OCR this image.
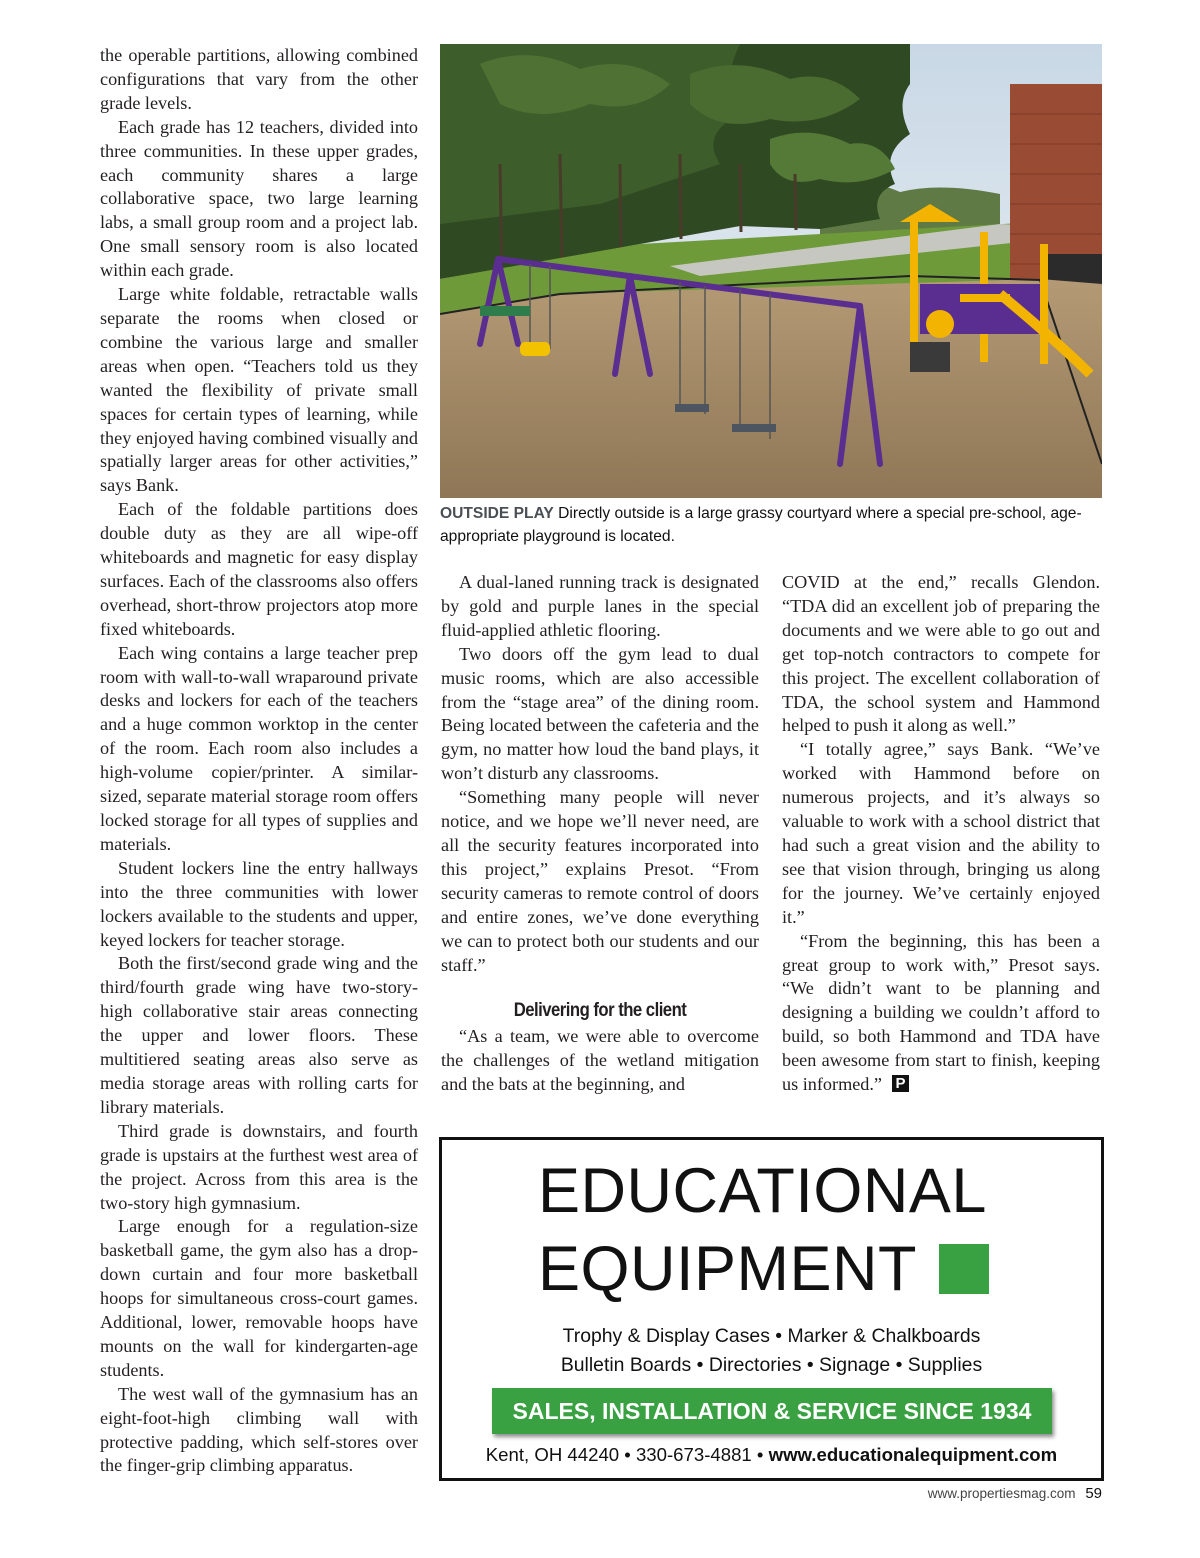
the operable partitions, allowing combined configurations that vary from the other grade levels.

Each grade has 12 teachers, divided into three communities. In these upper grades, each community shares a large collaborative space, two large learning labs, a small group room and a project lab. One small sensory room is also located within each grade.

Large white foldable, retractable walls separate the rooms when closed or combine the various large and smaller areas when open. “Teachers told us they wanted the flexibility of private small spaces for certain types of learning, while they enjoyed having combined visually and spatially larger areas for other activities,” says Bank.

Each of the foldable partitions does double duty as they are all wipe-off whiteboards and magnetic for easy display surfaces. Each of the classrooms also offers overhead, short-throw projectors atop more fixed whiteboards.

Each wing contains a large teacher prep room with wall-to-wall wraparound private desks and lockers for each of the teachers and a huge common worktop in the center of the room. Each room also includes a high-volume copier/printer. A similar-sized, separate material storage room offers locked storage for all types of supplies and materials.

Student lockers line the entry hallways into the three communities with lower lockers available to the students and upper, keyed lockers for teacher storage.

Both the first/second grade wing and the third/fourth grade wing have two-story-high collaborative stair areas connecting the upper and lower floors. These multitiered seating areas also serve as media storage areas with rolling carts for library materials.

Third grade is downstairs, and fourth grade is upstairs at the furthest west area of the project. Across from this area is the two-story high gymnasium.

Large enough for a regulation-size basketball game, the gym also has a drop-down curtain and four more basketball hoops for simultaneous cross-court games. Additional, lower, removable hoops have mounts on the wall for kindergarten-age students.

The west wall of the gymnasium has an eight-foot-high climbing wall with protective padding, which self-stores over the finger-grip climbing apparatus.

OUTSIDE PLAY Directly outside is a large grassy courtyard where a special pre-school, age-appropriate playground is located.

A dual-laned running track is designated by gold and purple lanes in the special fluid-applied athletic flooring.

Two doors off the gym lead to dual music rooms, which are also accessible from the “stage area” of the dining room. Being located between the cafeteria and the gym, no matter how loud the band plays, it won’t disturb any classrooms.

“Something many people will never notice, and we hope we’ll never need, are all the security features incorporated into this project,” explains Presot. “From security cameras to remote control of doors and entire zones, we’ve done everything we can to protect both our students and our staff.”

Delivering for the client

“As a team, we were able to overcome the challenges of the wetland mitigation and the bats at the beginning, and

COVID at the end,” recalls Glendon. “TDA did an excellent job of preparing the documents and we were able to go out and get top-notch contractors to compete for this project. The excellent collaboration of TDA, the school system and Hammond helped to push it along as well.”

“I totally agree,” says Bank. “We’ve worked with Hammond before on numerous projects, and it’s always so valuable to work with a school district that had such a great vision and the ability to see that vision through, bringing us along for the journey. We’ve certainly enjoyed it.”

“From the beginning, this has been a great group to work with,” Presot says. “We didn’t want to be planning and designing a building we couldn’t afford to build, so both Hammond and TDA have been awesome from start to finish, keeping us informed.” P

EDUCATIONAL
EQUIPMENT
Trophy & Display Cases • Marker & Chalkboards
Bulletin Boards • Directories • Signage • Supplies
SALES, INSTALLATION & SERVICE SINCE 1934
Kent, OH 44240 • 330-673-4881 • www.educationalequipment.com
www.propertiesmag.com 59
